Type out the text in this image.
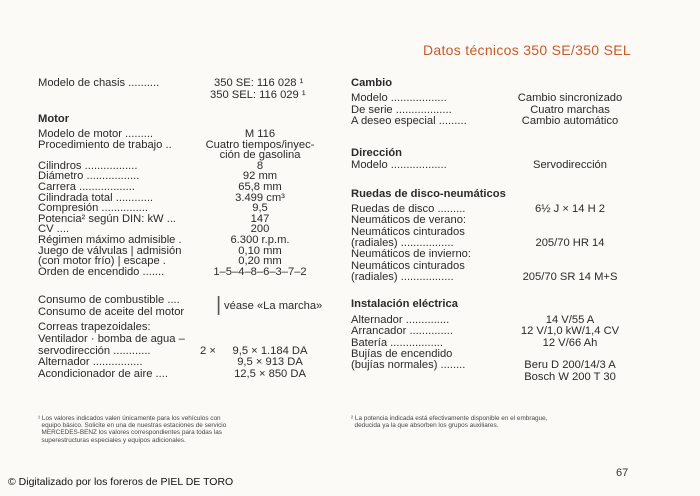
Datos técnicos 350 SE/350 SEL
Modelo de chasis ..........	350 SE: 116 028 ¹
350 SEL: 116 029 ¹
Motor
Modelo de motor .........	M 116
Procedimiento de trabajo ..	Cuatro tiempos/inyec-
ción de gasolina
Cilindros .................	8
Diámetro .................	92 mm
Carrera ..................	65,8 mm
Cilindrada total ............	3.499 cm³
Compresión ...............	9,5
Potencia² según DIN: kW ...	147
CV ....	200
Régimen máximo admisible .	6.300 r.p.m.
Juego de válvulas | admisión	0,10 mm
(con motor frío) | escape .	0,20 mm
Orden de encendido .......	1–5–4–8–6–3–7–2
Consumo de combustible ....
Consumo de aceite del motor | véase «La marcha»
Correas trapezoidales:
Ventilador · bomba de agua –
servodirección ............	2 ×	9,5 × 1.184 DA
Alternador ................	9,5 × 913 DA
Acondicionador de aire ....	12,5 × 850 DA
¹ Los valores indicados valen únicamente para los vehículos con
equipo básico. Solicite en una de nuestras estaciones de servicio
MERCEDES-BENZ los valores correspondientes para todas las
superestructuras especiales y equipos adicionales.
Cambio
Modelo ..................	Cambio sincronizado
De serie ..................	Cuatro marchas
A deseo especial .........	Cambio automático
Dirección
Modelo ..................	Servodirección
Ruedas de disco-neumáticos
Ruedas de disco .........	6½ J × 14 H 2
Neumáticos de verano:
Neumáticos cinturados
(radiales) .................	205/70 HR 14
Neumáticos de invierno:
Neumáticos cinturados
(radiales) .................	205/70 SR 14 M+S
Instalación eléctrica
Alternador ..............	14 V/55 A
Arrancador ..............	12 V/1,0 kW/1,4 CV
Batería .................	12 V/66 Ah
Bujías de encendido
(bujías normales) ........	Beru D 200/14/3 A
Bosch W 200 T 30
² La potencia indicada está efectivamente disponible en el embrague,
deducida ya la que absorben los grupos auxiliares.
© Digitalizado por los foreros de PIEL DE TORO
67
